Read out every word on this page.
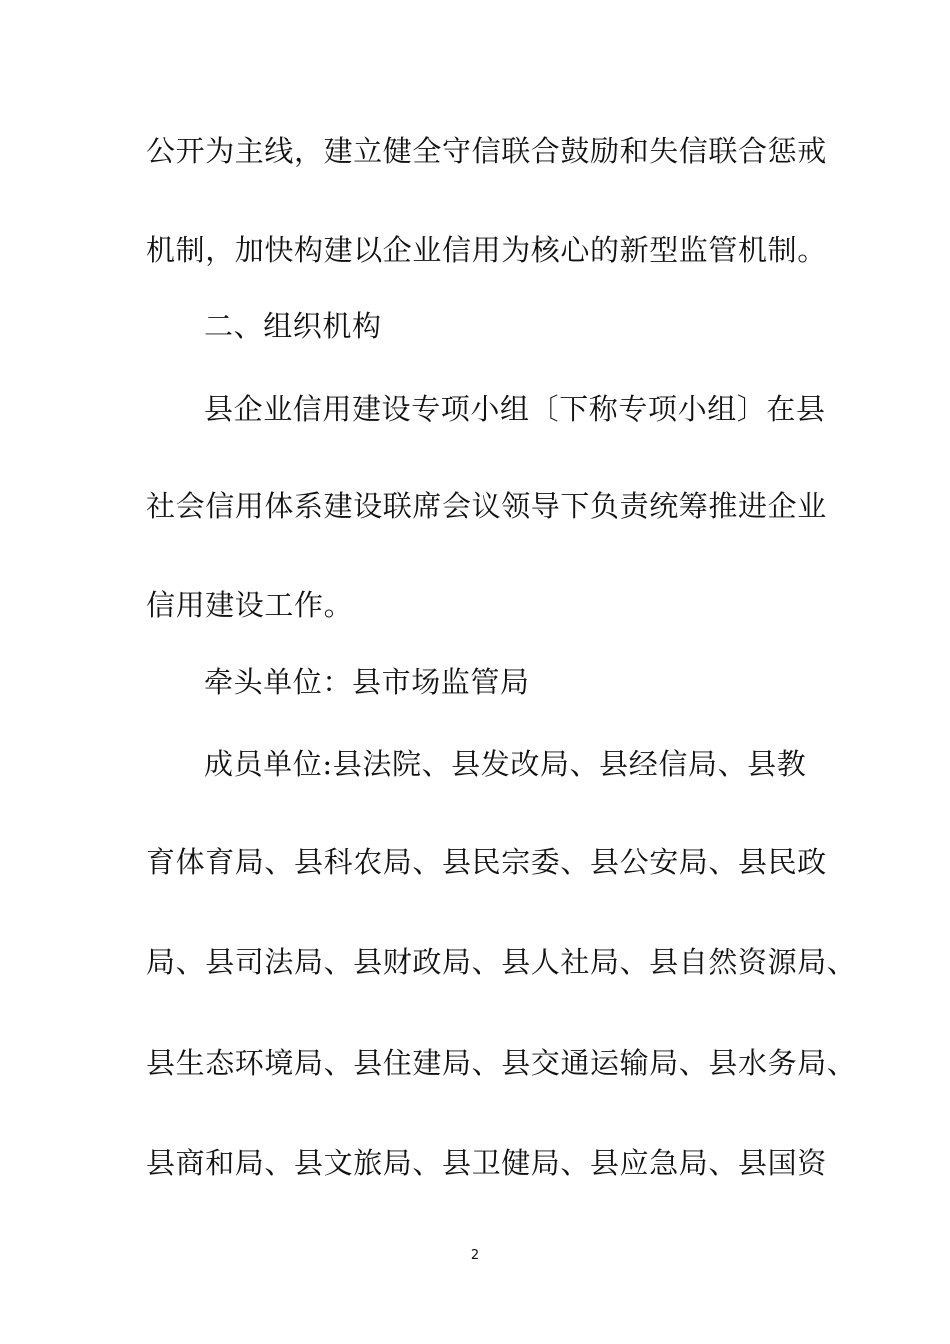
公开为主线，建立健全守信联合鼓励和失信联合惩戒
机制，加快构建以企业信用为核心的新型监管机制。
二、组织机构
县企业信用建设专项小组〔下称专项小组〕在县
社会信用体系建设联席会议领导下负责统筹推进企业
信用建设工作。
牵头单位：县市场监管局
成员单位:县法院、县发改局、县经信局、县教
育体育局、县科农局、县民宗委、县公安局、县民政
局、县司法局、县财政局、县人社局、县自然资源局、
县生态环境局、县住建局、县交通运输局、县水务局、
县商和局、县文旅局、县卫健局、县应急局、县国资
2
